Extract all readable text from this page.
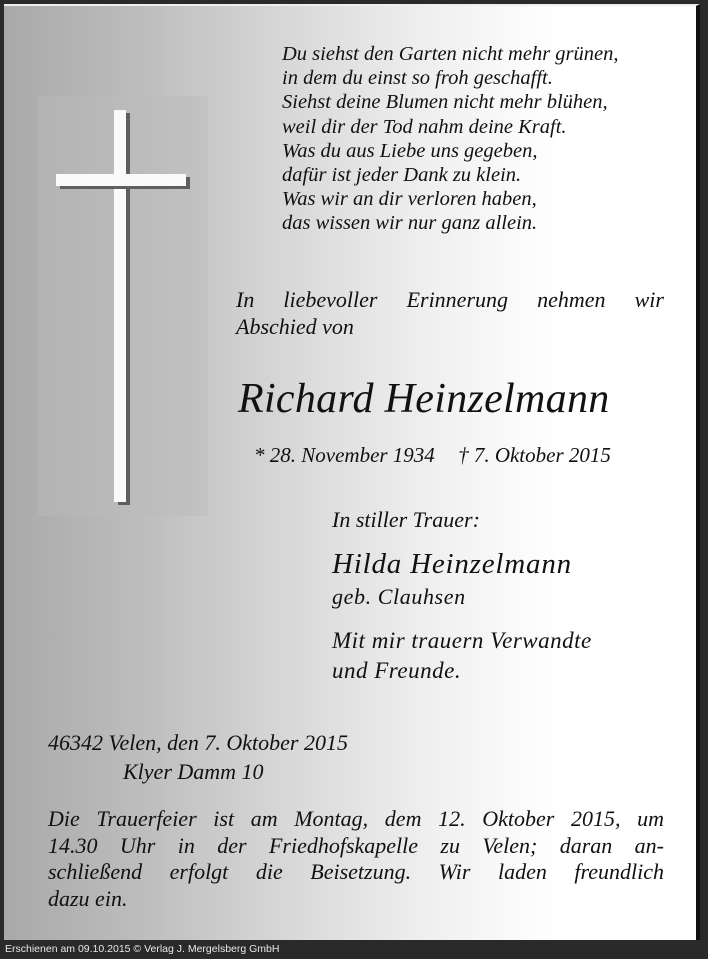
Du siehst den Garten nicht mehr grünen,
in dem du einst so froh geschafft.
Siehst deine Blumen nicht mehr blühen,
weil dir der Tod nahm deine Kraft.
Was du aus Liebe uns gegeben,
dafür ist jeder Dank zu klein.
Was wir an dir verloren haben,
das wissen wir nur ganz allein.
In liebevoller Erinnerung nehmen wir
Abschied von
Richard Heinzelmann
* 28. November 1934 † 7. Oktober 2015
In stiller Trauer:
Hilda Heinzelmann
geb. Clauhsen
Mit mir trauern Verwandte
und Freunde.
46342 Velen, den 7. Oktober 2015
Klyer Damm 10
Die Trauerfeier ist am Montag, dem 12. Oktober 2015, um
14.30 Uhr in der Friedhofskapelle zu Velen; daran an-
schließend erfolgt die Beisetzung. Wir laden freundlich
dazu ein.
Erschienen am 09.10.2015 © Verlag J. Mergelsberg GmbH
